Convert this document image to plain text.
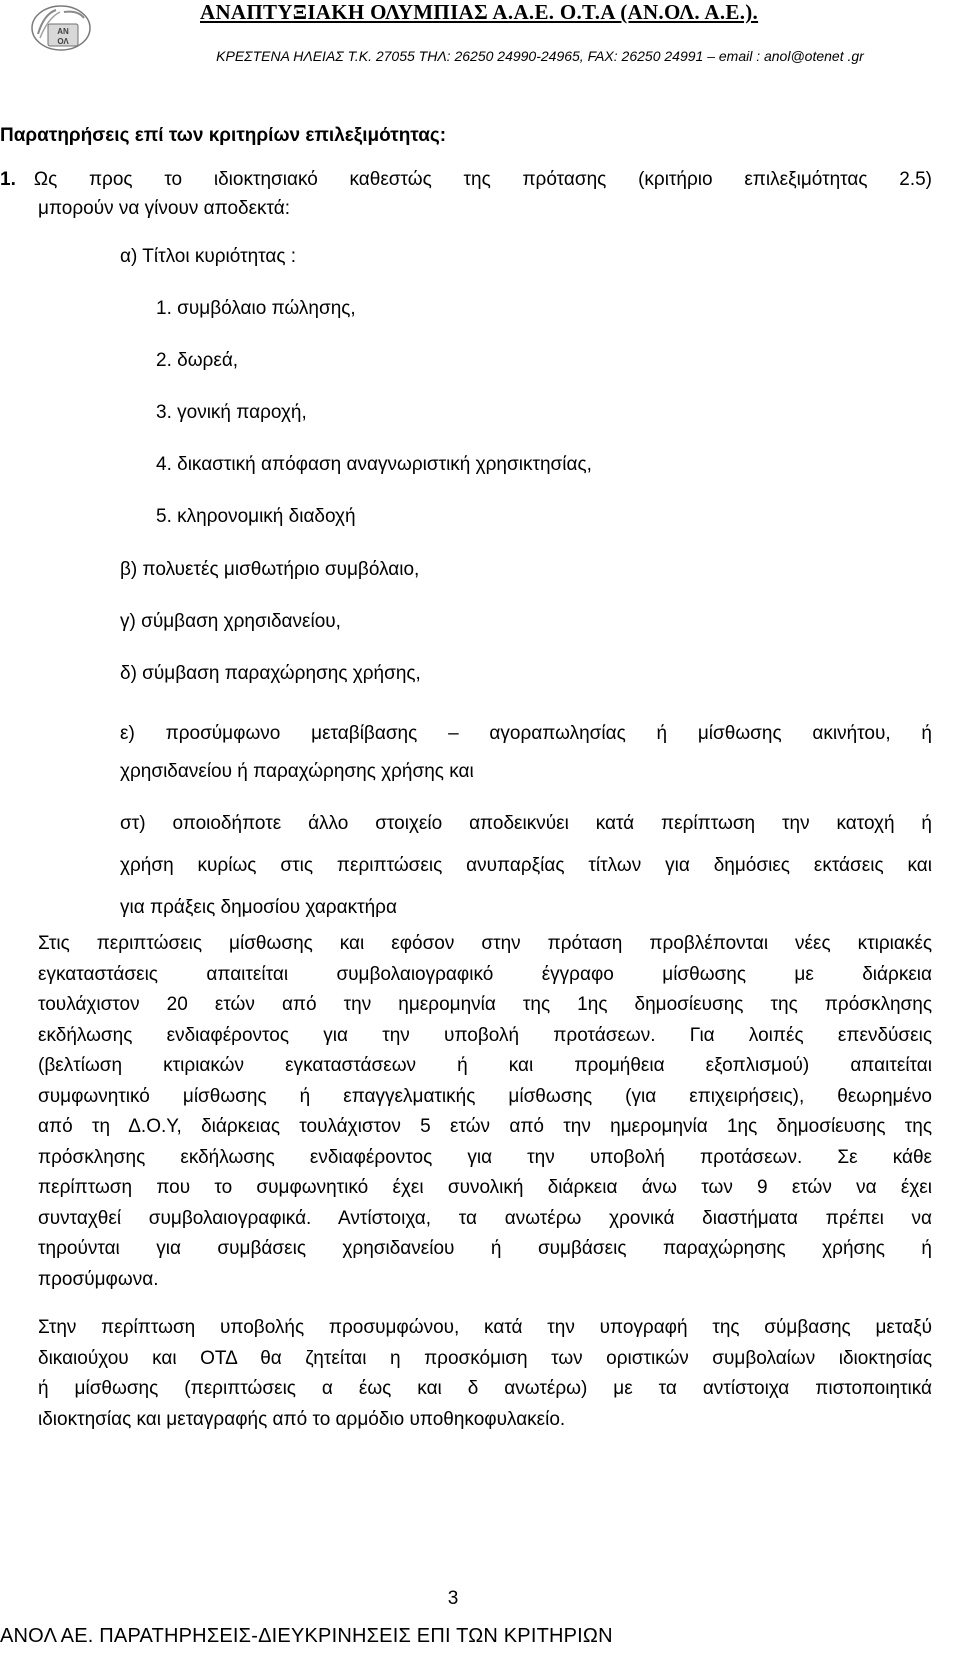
ΑΝ
ΟΛ
ΑΝΑΠΤΥΞΙΑΚΗ ΟΛΥΜΠΙΑΣ Α.Α.Ε. Ο.Τ.Α (ΑΝ.ΟΛ. Α.Ε.).
ΚΡΕΣΤΕΝΑ ΗΛΕΙΑΣ Τ.Κ. 27055 ΤΗΛ: 26250 24990-24965, FAX: 26250 24991 – email : anol@otenet .gr
Παρατηρήσεις επί των κριτηρίων επιλεξιμότητας:
1. Ως προς το ιδιοκτησιακό καθεστώς της πρότασης (κριτήριο επιλεξιμότητας 2.5)
μπορούν να γίνουν αποδεκτά:
α) Τίτλοι κυριότητας :
1. συμβόλαιο πώλησης,
2. δωρεά,
3. γονική παροχή,
4. δικαστική απόφαση αναγνωριστική χρησικτησίας,
5. κληρονομική διαδοχή
β) πολυετές μισθωτήριο συμβόλαιο,
γ) σύμβαση χρησιδανείου,
δ) σύμβαση παραχώρησης χρήσης,
ε) προσύμφωνο μεταβίβασης – αγοραπωλησίας ή μίσθωσης ακινήτου, ή
χρησιδανείου ή παραχώρησης χρήσης και
στ) οποιοδήποτε άλλο στοιχείο αποδεικνύει κατά περίπτωση την κατοχή ή
χρήση κυρίως στις περιπτώσεις ανυπαρξίας τίτλων για δημόσιες εκτάσεις και
για πράξεις δημοσίου χαρακτήρα
Στις περιπτώσεις μίσθωσης και εφόσον στην πρόταση προβλέπονται νέες κτιριακές
εγκαταστάσεις απαιτείται συμβολαιογραφικό έγγραφο μίσθωσης με διάρκεια
τουλάχιστον 20 ετών από την ημερομηνία της 1ης δημοσίευσης της πρόσκλησης
εκδήλωσης ενδιαφέροντος για την υποβολή προτάσεων. Για λοιπές επενδύσεις
(βελτίωση κτιριακών εγκαταστάσεων ή και προμήθεια εξοπλισμού) απαιτείται
συμφωνητικό μίσθωσης ή επαγγελματικής μίσθωσης (για επιχειρήσεις), θεωρημένο
από τη Δ.Ο.Υ, διάρκειας τουλάχιστον 5 ετών από την ημερομηνία 1ης δημοσίευσης της
πρόσκλησης εκδήλωσης ενδιαφέροντος για την υποβολή προτάσεων. Σε κάθε
περίπτωση που το συμφωνητικό έχει συνολική διάρκεια άνω των 9 ετών να έχει
συνταχθεί συμβολαιογραφικά. Αντίστοιχα, τα ανωτέρω χρονικά διαστήματα πρέπει να
τηρούνται για συμβάσεις χρησιδανείου ή συμβάσεις παραχώρησης χρήσης ή
προσύμφωνα.
Στην περίπτωση υποβολής προσυμφώνου, κατά την υπογραφή της σύμβασης μεταξύ
δικαιούχου και ΟΤΔ θα ζητείται η προσκόμιση των οριστικών συμβολαίων ιδιοκτησίας
ή μίσθωσης (περιπτώσεις α έως και δ ανωτέρω) με τα αντίστοιχα πιστοποιητικά
ιδιοκτησίας και μεταγραφής από το αρμόδιο υποθηκοφυλακείο.
3
ΑΝΟΛ ΑΕ. ΠΑΡΑΤΗΡΗΣΕΙΣ-ΔΙΕΥΚΡΙΝΗΣΕΙΣ ΕΠΙ ΤΩΝ ΚΡΙΤΗΡΙΩΝ
